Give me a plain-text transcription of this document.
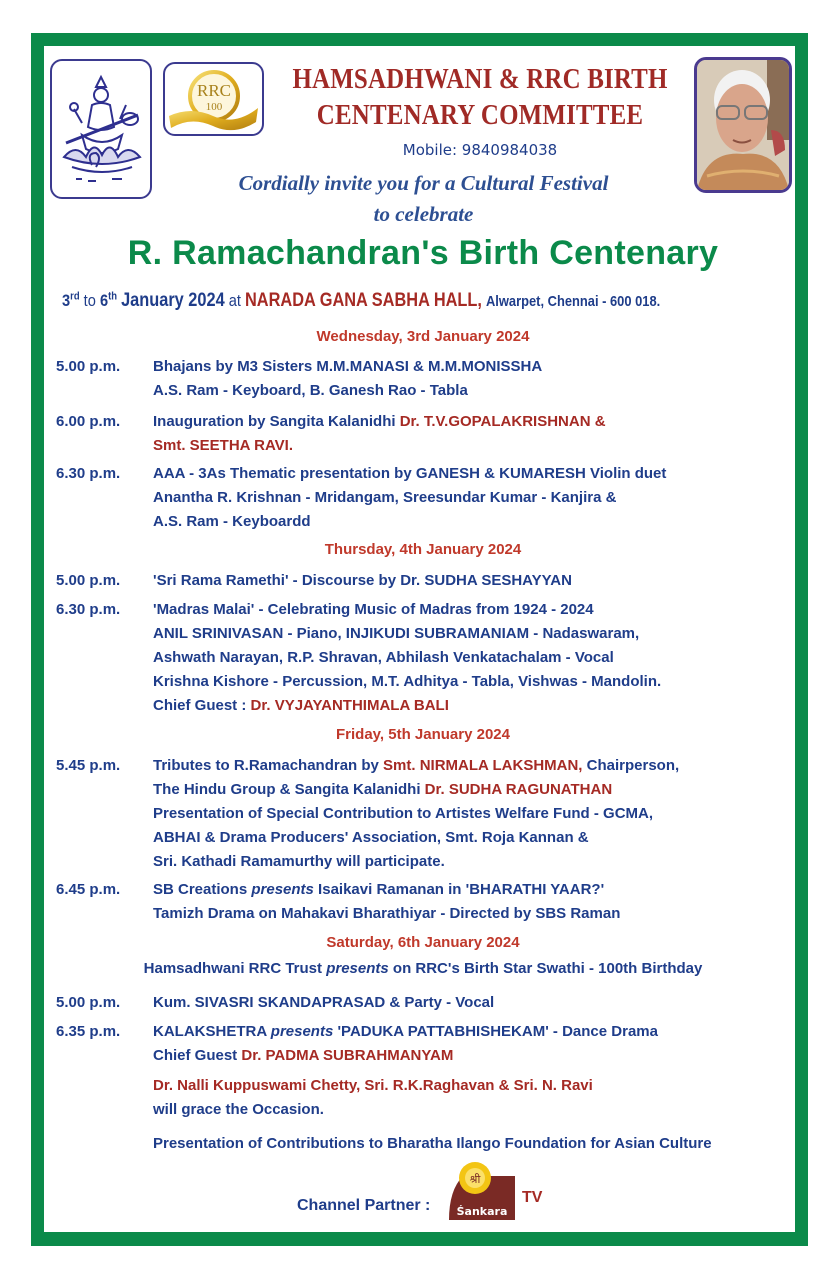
RRC
100
HAMSADHWANI & RRC BIRTH
CENTENARY COMMITTEE
Mobile: 9840984038
Cordially invite you for a Cultural Festival
to celebrate
R. Ramachandran's Birth Centenary
3rd to 6th January 2024 at NARADA GANA SABHA HALL, Alwarpet, Chennai - 600 018.
Wednesday, 3rd January 2024
5.00 p.m. Bhajans by M3 Sisters M.M.MANASI & M.M.MONISSHA
A.S. Ram - Keyboard, B. Ganesh Rao - Tabla
6.00 p.m. Inauguration by Sangita Kalanidhi Dr. T.V.GOPALAKRISHNAN &
Smt. SEETHA RAVI.
6.30 p.m. AAA - 3As Thematic presentation by GANESH & KUMARESH Violin duet
Anantha R. Krishnan - Mridangam, Sreesundar Kumar - Kanjira &
A.S. Ram - Keyboardd
Thursday, 4th January 2024
5.00 p.m. 'Sri Rama Ramethi' - Discourse by Dr. SUDHA SESHAYYAN
6.30 p.m. 'Madras Malai' - Celebrating Music of Madras from 1924 - 2024
ANIL SRINIVASAN - Piano, INJIKUDI SUBRAMANIAM - Nadaswaram,
Ashwath Narayan, R.P. Shravan, Abhilash Venkatachalam - Vocal
Krishna Kishore - Percussion, M.T. Adhitya - Tabla, Vishwas - Mandolin.
Chief Guest : Dr. VYJAYANTHIMALA BALI
Friday, 5th January 2024
5.45 p.m. Tributes to R.Ramachandran by Smt. NIRMALA LAKSHMAN, Chairperson,
The Hindu Group & Sangita Kalanidhi Dr. SUDHA RAGUNATHAN
Presentation of Special Contribution to Artistes Welfare Fund - GCMA,
ABHAI & Drama Producers' Association, Smt. Roja Kannan &
Sri. Kathadi Ramamurthy will participate.
6.45 p.m. SB Creations presents Isaikavi Ramanan in 'BHARATHI YAAR?'
Tamizh Drama on Mahakavi Bharathiyar - Directed by SBS Raman
Saturday, 6th January 2024
Hamsadhwani RRC Trust presents on RRC's Birth Star Swathi - 100th Birthday
5.00 p.m. Kum. SIVASRI SKANDAPRASAD & Party - Vocal
6.35 p.m. KALAKSHETRA presents 'PADUKA PATTABHISHEKAM' - Dance Drama
Chief Guest Dr. PADMA SUBRAHMANYAM
Dr. Nalli Kuppuswami Chetty, Sri. R.K.Raghavan & Sri. N. Ravi
will grace the Occasion.
Presentation of Contributions to Bharatha Ilango Foundation for Asian Culture
Channel Partner :
श्री
Śankara
TV
